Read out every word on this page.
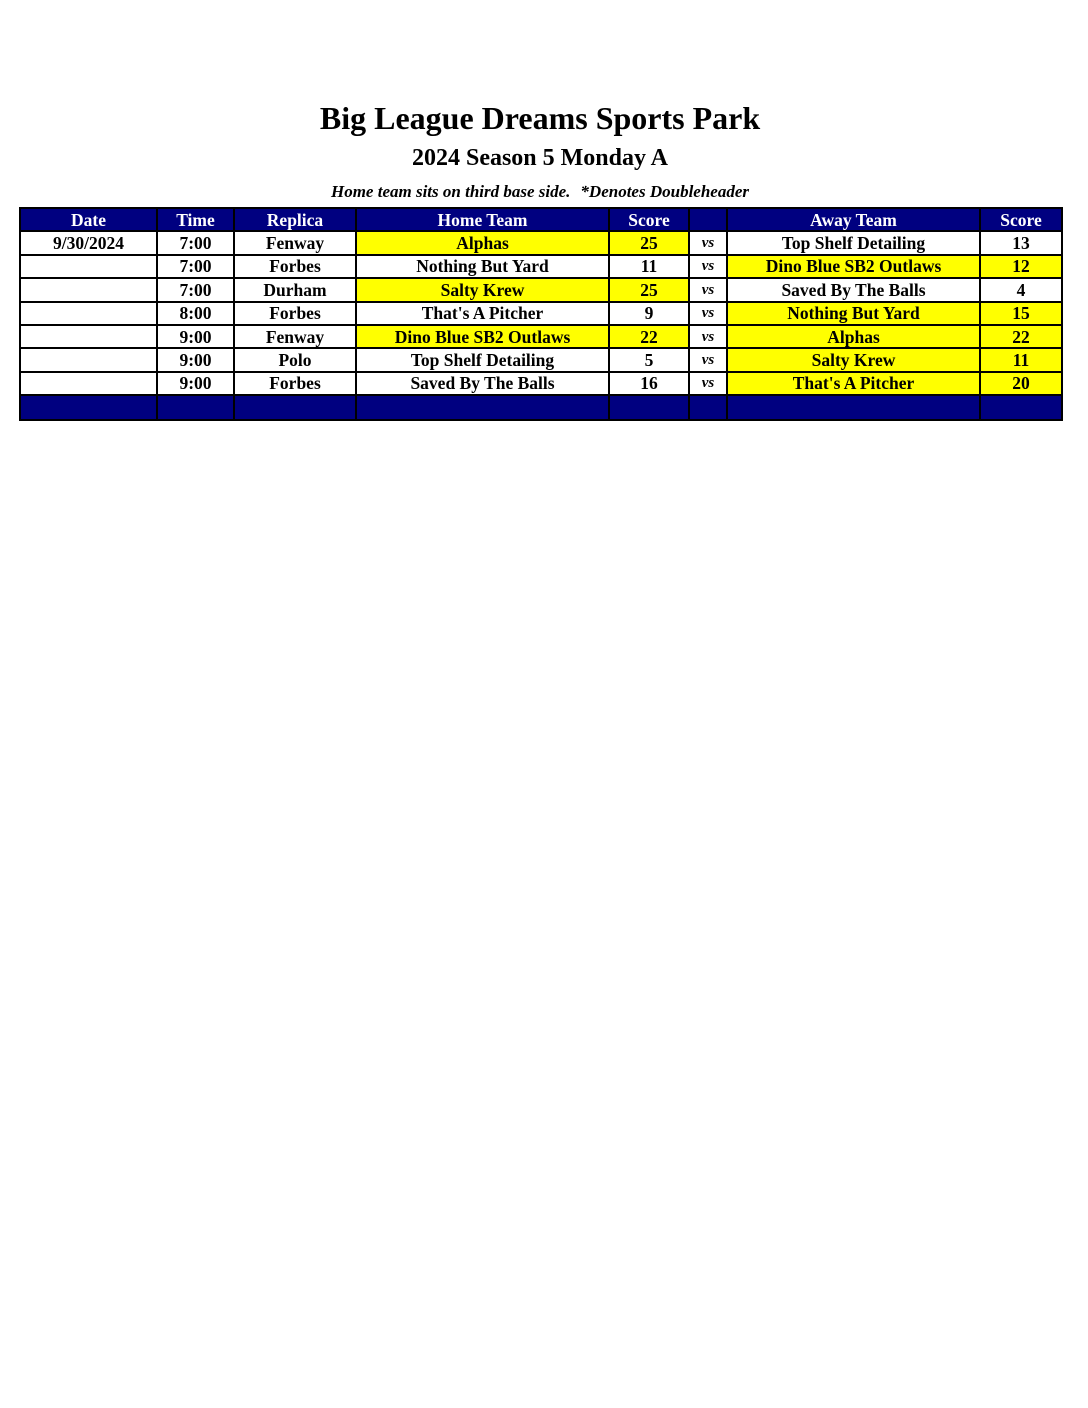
Big League Dreams Sports Park
2024 Season 5 Monday A
Home team sits on third base side. *Denotes Doubleheader
Date	Time	Replica	Home Team	Score		Away Team	Score
9/30/2024	7:00	Fenway	Alphas	25	vs	Top Shelf Detailing	13
	7:00	Forbes	Nothing But Yard	11	vs	Dino Blue SB2 Outlaws	12
	7:00	Durham	Salty Krew	25	vs	Saved By The Balls	4
	8:00	Forbes	That's A Pitcher	9	vs	Nothing But Yard	15
	9:00	Fenway	Dino Blue SB2 Outlaws	22	vs	Alphas	22
	9:00	Polo	Top Shelf Detailing	5	vs	Salty Krew	11
	9:00	Forbes	Saved By The Balls	16	vs	That's A Pitcher	20
